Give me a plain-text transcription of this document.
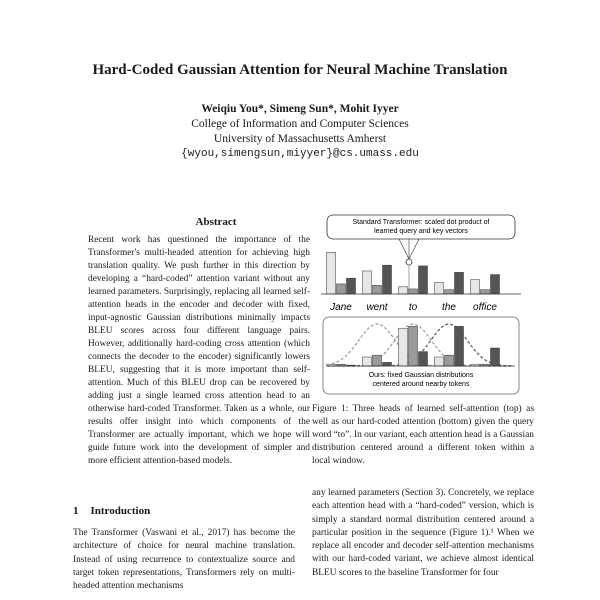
Hard-Coded Gaussian Attention for Neural Machine Translation
Weiqiu You*, Simeng Sun*, Mohit Iyyer
College of Information and Computer Sciences
University of Massachusetts Amherst
{wyou,simengsun,miyyer}@cs.umass.edu
Abstract

Recent work has questioned the importance of the Transformer's multi-headed attention for achieving high translation quality. We push further in this direction by developing a “hard-coded” attention variant without any learned parameters. Surprisingly, replacing all learned self-attention heads in the encoder and decoder with fixed, input-agnostic Gaussian distributions minimally impacts BLEU scores across four different language pairs. However, additionally hard-coding cross attention (which connects the decoder to the encoder) significantly lowers BLEU, suggesting that it is more important than self-attention. Much of this BLEU drop can be recovered by adding just a single learned cross attention head to an otherwise hard-coded Transformer. Taken as a whole, our results offer insight into which components of the Transformer are actually important, which we hope will guide future work into the development of simpler and more efficient attention-based models.

1 Introduction

The Transformer (Vaswani et al., 2017) has become the architecture of choice for neural machine translation. Instead of using recurrence to contextualize source and target token representations, Transformers rely on multi-headed attention mechanisms

Standard Transformer: scaled dot product of
learned query and key vectors
Jane went to the office
Ours: fixed Gaussian distributions
centered around nearby tokens

Figure 1: Three heads of learned self-attention (top) as well as our hard-coded attention (bottom) given the query word “to”. In our variant, each attention head is a Gaussian distribution centered around a different token within a local window.

any learned parameters (Section 3). Concretely, we replace each attention head with a “hard-coded” version, which is simply a standard normal distribution centered around a particular position in the sequence (Figure 1).¹ When we replace all encoder and decoder self-attention mechanisms with our hard-coded variant, we achieve almost identical BLEU scores to the baseline Transformer for four
